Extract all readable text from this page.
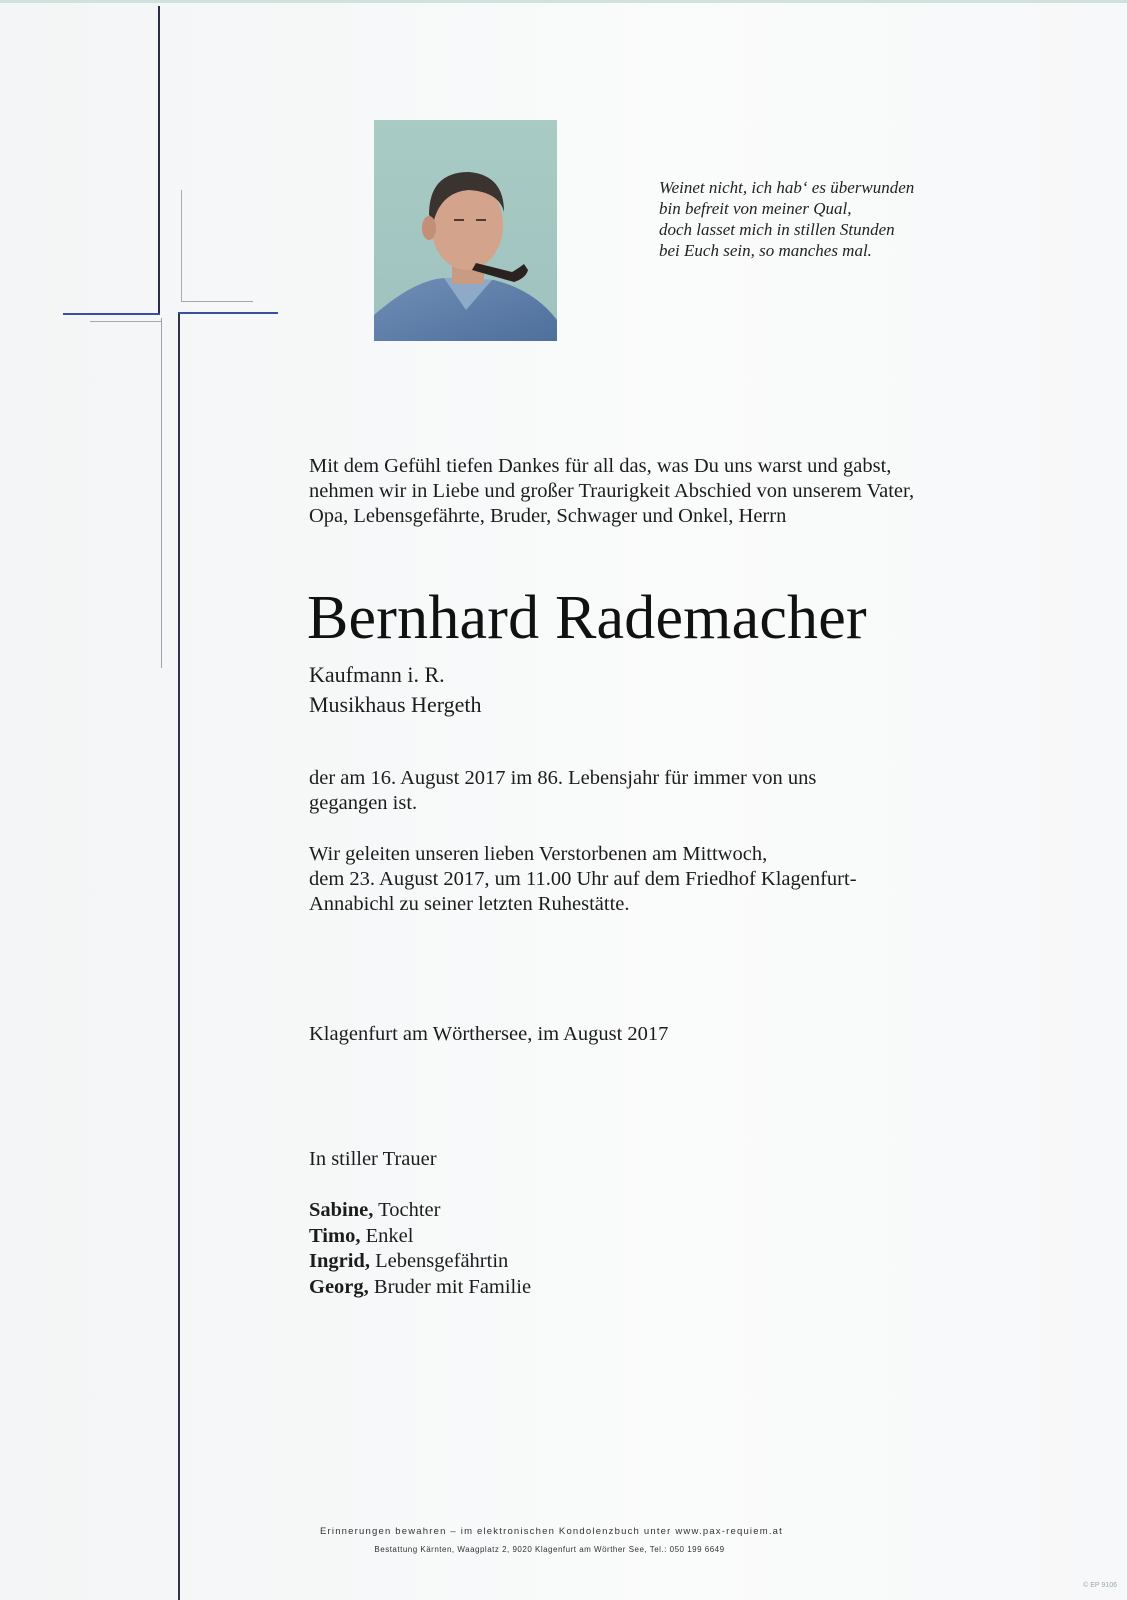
Weinet nicht, ich hab‘ es überwunden
bin befreit von meiner Qual,
doch lasset mich in stillen Stunden
bei Euch sein, so manches mal.
Mit dem Gefühl tiefen Dankes für all das, was Du uns warst und gabst,
nehmen wir in Liebe und großer Traurigkeit Abschied von unserem Vater,
Opa, Lebensgefährte, Bruder, Schwager und Onkel, Herrn
Bernhard Rademacher
Kaufmann i. R.
Musikhaus Hergeth
der am 16. August 2017 im 86. Lebensjahr für immer von uns
gegangen ist.
Wir geleiten unseren lieben Verstorbenen am Mittwoch,
dem 23. August 2017, um 11.00 Uhr auf dem Friedhof Klagenfurt-
Annabichl zu seiner letzten Ruhestätte.
Klagenfurt am Wörthersee, im August 2017
In stiller Trauer
Sabine, Tochter
Timo, Enkel
Ingrid, Lebensgefährtin
Georg, Bruder mit Familie
Erinnerungen bewahren – im elektronischen Kondolenzbuch unter www.pax-requiem.at
Bestattung Kärnten, Waagplatz 2, 9020 Klagenfurt am Wörther See, Tel.: 050 199 6649
© EP 9106
